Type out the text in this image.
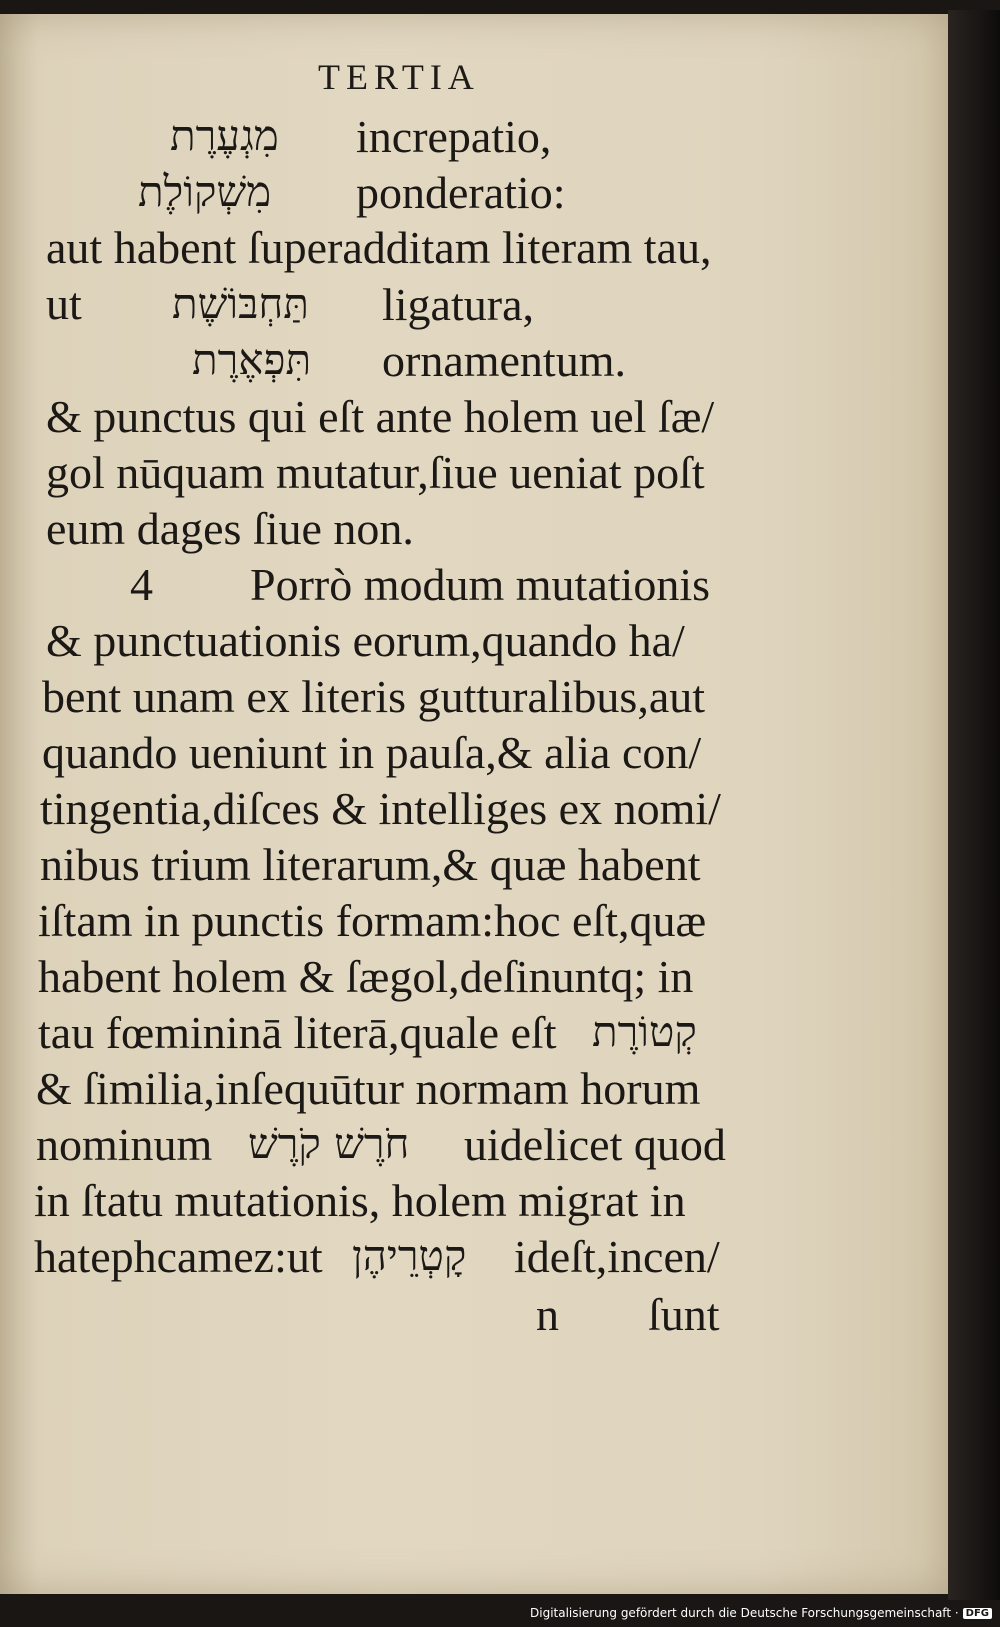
TERTIA
מִגְעֶרֶת increpatio,
מִשְׁקוֹלֶת ponderatio:
aut habent ſuperadditam literam tau,
ut תַּחְבּוֹשֶׁת ligatura,
תִּפְאֶרֶת ornamentum.
& punctus qui eſt ante holem uel ſæ/
gol nūquam mutatur,ſiue ueniat poſt
eum dages ſiue non.
4 Porrò modum mutationis
& punctuationis eorum,quando ha/
bent unam ex literis gutturalibus,aut
quando ueniunt in pauſa,& alia con/
tingentia,diſces & intelliges ex nomi/
nibus trium literarum,& quæ habent
iſtam in punctis formam:hoc eſt,quæ
habent holem & ſægol,deſinuntq; in
tau fœmininā literā,quale eſt קְטוֹרֶת
& ſimilia,inſequūtur normam horum
nominum חֹרֶשׁ קֹרֶשׁ uidelicet quod
in ſtatu mutationis, holem migrat in
hatephcamez:ut קָטְרֵיהֶן ideſt,incen/
n ſunt
Digitalisierung gefördert durch die Deutsche Forschungsgemeinschaft · DFG
